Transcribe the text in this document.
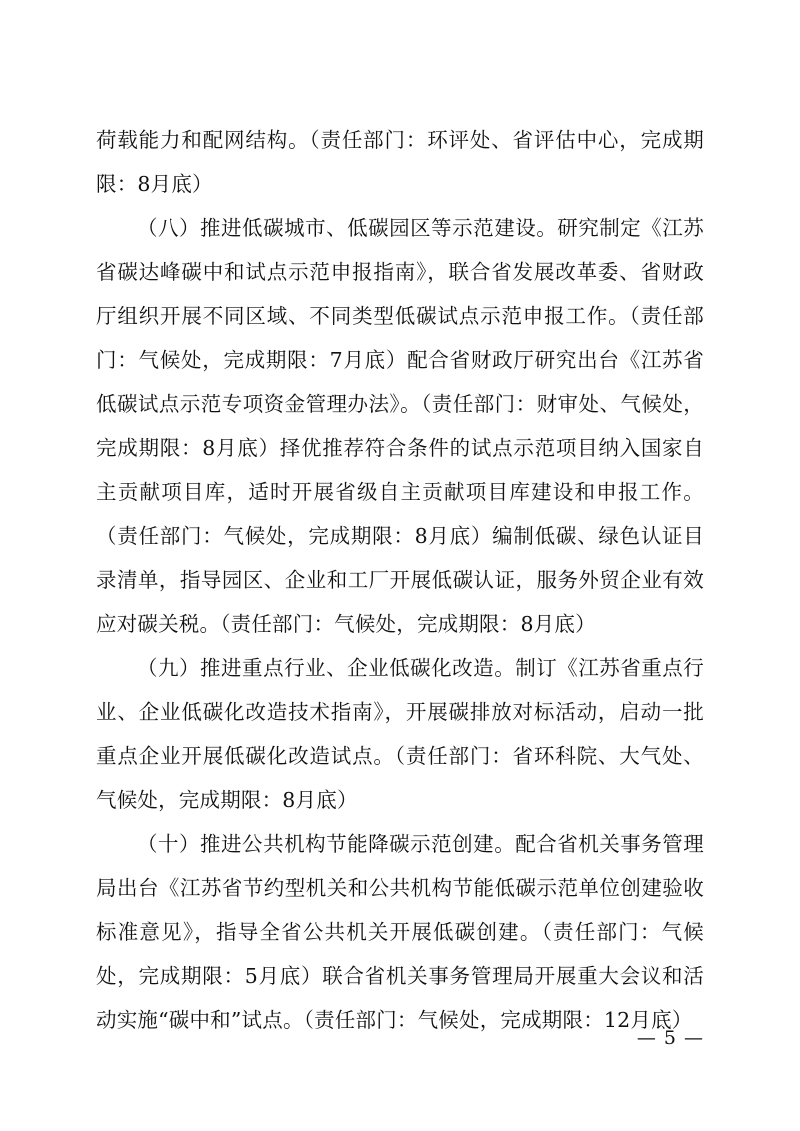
荷载能力和配网结构。（责任部门：环评处、省评估中心，完成期限：8月底）

（八）推进低碳城市、低碳园区等示范建设。研究制定《江苏省碳达峰碳中和试点示范申报指南》，联合省发展改革委、省财政厅组织开展不同区域、不同类型低碳试点示范申报工作。（责任部门：气候处，完成期限：7月底）配合省财政厅研究出台《江苏省低碳试点示范专项资金管理办法》。（责任部门：财审处、气候处，完成期限：8月底）择优推荐符合条件的试点示范项目纳入国家自主贡献项目库，适时开展省级自主贡献项目库建设和申报工作。（责任部门：气候处，完成期限：8月底）编制低碳、绿色认证目录清单，指导园区、企业和工厂开展低碳认证，服务外贸企业有效应对碳关税。（责任部门：气候处，完成期限：8月底）

（九）推进重点行业、企业低碳化改造。制订《江苏省重点行业、企业低碳化改造技术指南》，开展碳排放对标活动，启动一批重点企业开展低碳化改造试点。（责任部门：省环科院、大气处、气候处，完成期限：8月底）

（十）推进公共机构节能降碳示范创建。配合省机关事务管理局出台《江苏省节约型机关和公共机构节能低碳示范单位创建验收标准意见》，指导全省公共机关开展低碳创建。（责任部门：气候处，完成期限：5月底）联合省机关事务管理局开展重大会议和活动实施“碳中和”试点。（责任部门：气候处，完成期限：12月底）

— 5 —
